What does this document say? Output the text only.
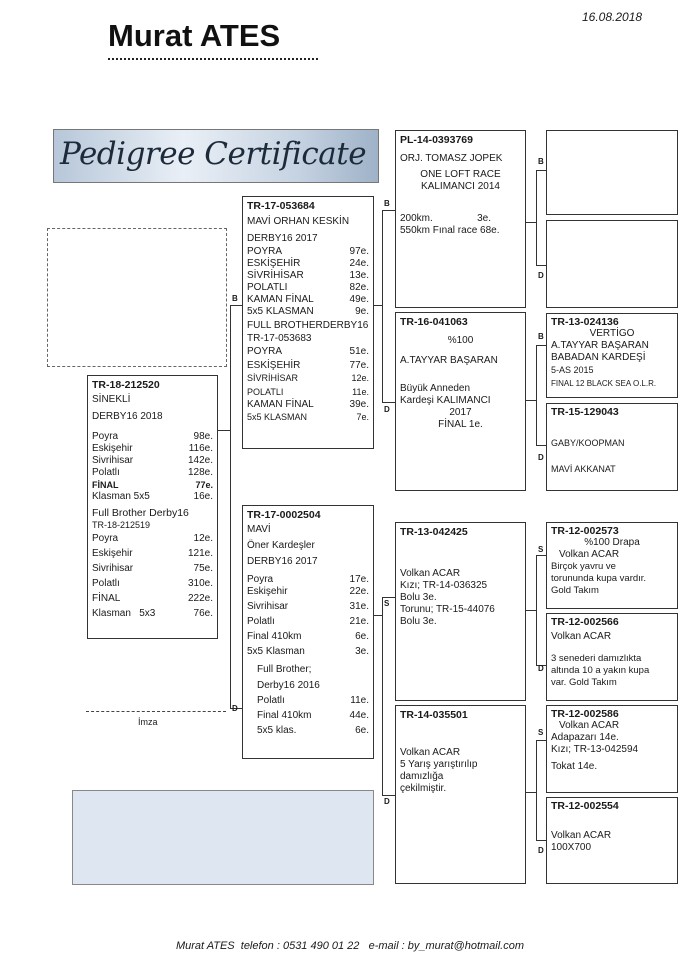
Murat ATES
16.08.2018
Pedigree Certificate
TR-18-212520
SİNEKLİ
DERBY16 2018
Poyra	98e.
Eskişehir	116e.
Sivrihisar	142e.
Polatlı	128e.
FİNAL	77e.
Klasman 5x5	16e.
Full Brother Derby16
TR-18-212519
Poyra	12e.
Eskişehir	121e.
Sivrihisar	75e.
Polatlı	310e.
FİNAL	222e.
Klasman   5x3	76e.
İmza
B
D
TR-17-053684
MAVİ ORHAN KESKİN
DERBY16 2017
POYRA	97e.
ESKİŞEHİR	24e.
SİVRİHİSAR	13e.
POLATLI	82e.
KAMAN FİNAL	49e.
5x5 KLASMAN	9e.
FULL BROTHERDERBY16
TR-17-053683
POYRA	51e.
ESKİŞEHİR	77e.
SİVRİHİSAR	12e.
POLATLI	11e.
KAMAN FİNAL	39e.
5x5 KLASMAN	7e.
TR-17-0002504
MAVİ
Öner Kardeşler
DERBY16 2017
Poyra	17e.
Eskişehir	22e.
Sivrihisar	31e.
Polatlı	21e.
Final 410km	6e.
5x5 Klasman	3e.
Full Brother;
Derby16 2016
Polatlı	11e.
Final 410km	44e.
5x5 klas.	6e.
B
D
S
D
PL-14-0393769
ORJ. TOMASZ JOPEK
ONE LOFT RACE
KALIMANCI 2014
200km.	3e.
550km Fınal race 68e.
TR-16-041063
%100
A.TAYYAR BAŞARAN
Büyük Anneden
Kardeşi KALIMANCI
2017
FİNAL 1e.
TR-13-042425
Volkan ACAR
Kızı; TR-14-036325
Bolu 3e.
Torunu; TR-15-44076
Bolu 3e.
TR-14-035501
Volkan ACAR
5 Yarış yarıştırılıp
damızlığa
çekilmiştir.
B
D
B
D
S
D
S
D
TR-13-024136
VERTİGO
A.TAYYAR BAŞARAN
BABADAN KARDEŞİ
5-AS 2015
FINAL 12 BLACK SEA O.L.R.
TR-15-129043
GABY/KOOPMAN
MAVİ AKKANAT
TR-12-002573
%100 Drapa
Volkan ACAR
Birçok yavru ve
torununda kupa vardır.
Gold Takım
TR-12-002566
Volkan ACAR
3 senederi damızlıkta
altında 10 a yakın kupa
var. Gold Takım
TR-12-002586
Volkan ACAR
Adapazarı 14e.
Kızı; TR-13-042594
Tokat 14e.
TR-12-002554
Volkan ACAR
100X700
Murat ATES  telefon : 0531 490 01 22   e-mail : by_murat@hotmail.com
